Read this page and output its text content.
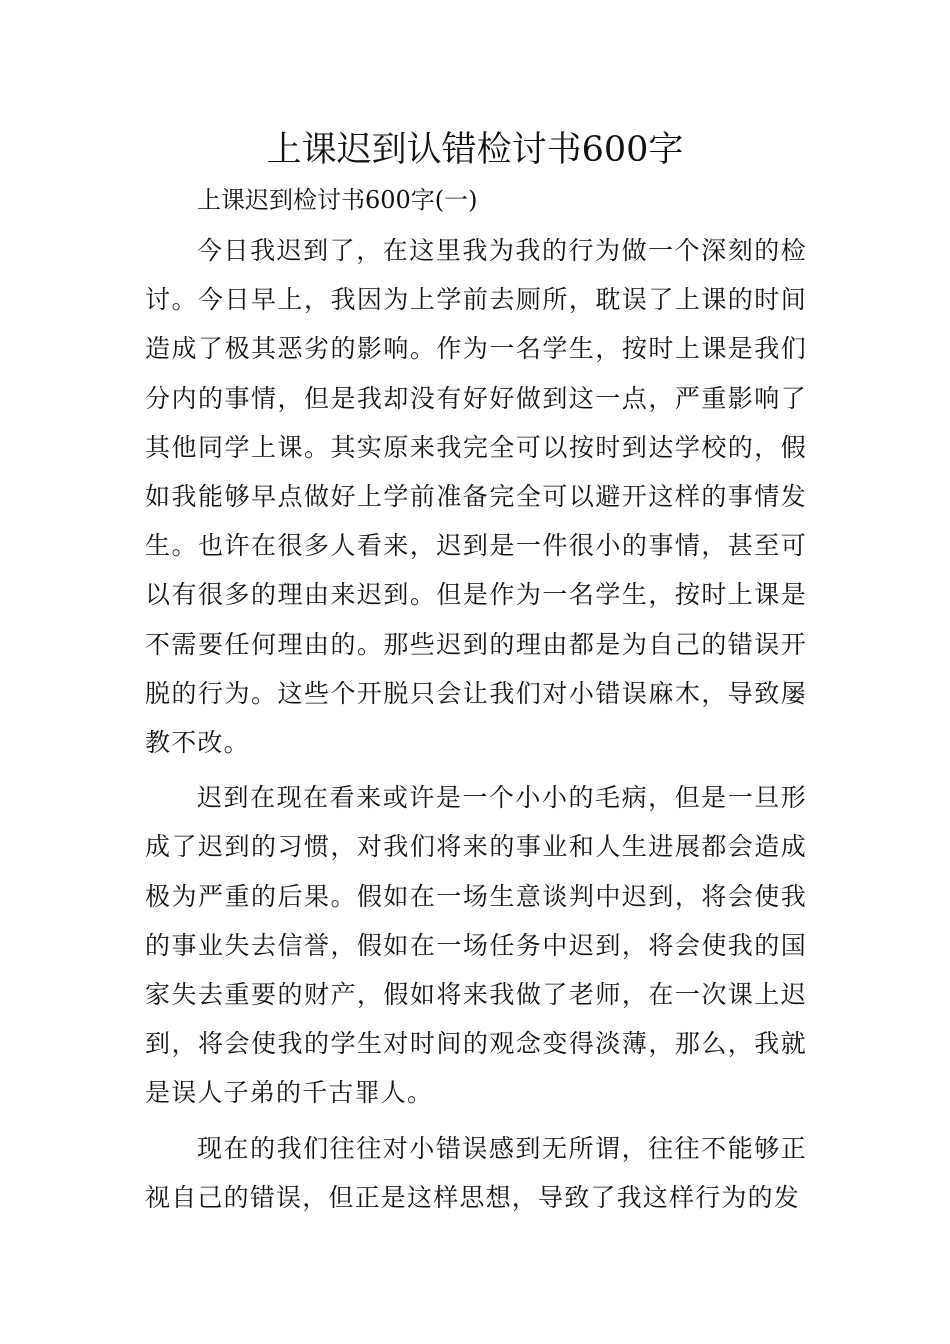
上课迟到认错检讨书600字

上课迟到检讨书600字(一)

今日我迟到了，在这里我为我的行为做一个深刻的检讨。今日早上，我因为上学前去厕所，耽误了上课的时间造成了极其恶劣的影响。作为一名学生，按时上课是我们分内的事情，但是我却没有好好做到这一点，严重影响了其他同学上课。其实原来我完全可以按时到达学校的，假如我能够早点做好上学前准备完全可以避开这样的事情发生。也许在很多人看来，迟到是一件很小的事情，甚至可以有很多的理由来迟到。但是作为一名学生，按时上课是不需要任何理由的。那些迟到的理由都是为自己的错误开脱的行为。这些个开脱只会让我们对小错误麻木，导致屡教不改。

迟到在现在看来或许是一个小小的毛病，但是一旦形成了迟到的习惯，对我们将来的事业和人生进展都会造成极为严重的后果。假如在一场生意谈判中迟到，将会使我的事业失去信誉，假如在一场任务中迟到，将会使我的国家失去重要的财产，假如将来我做了老师，在一次课上迟到，将会使我的学生对时间的观念变得淡薄，那么，我就是误人子弟的千古罪人。

现在的我们往往对小错误感到无所谓，往往不能够正视自己的错误，但正是这样思想，导致了我这样行为的发
